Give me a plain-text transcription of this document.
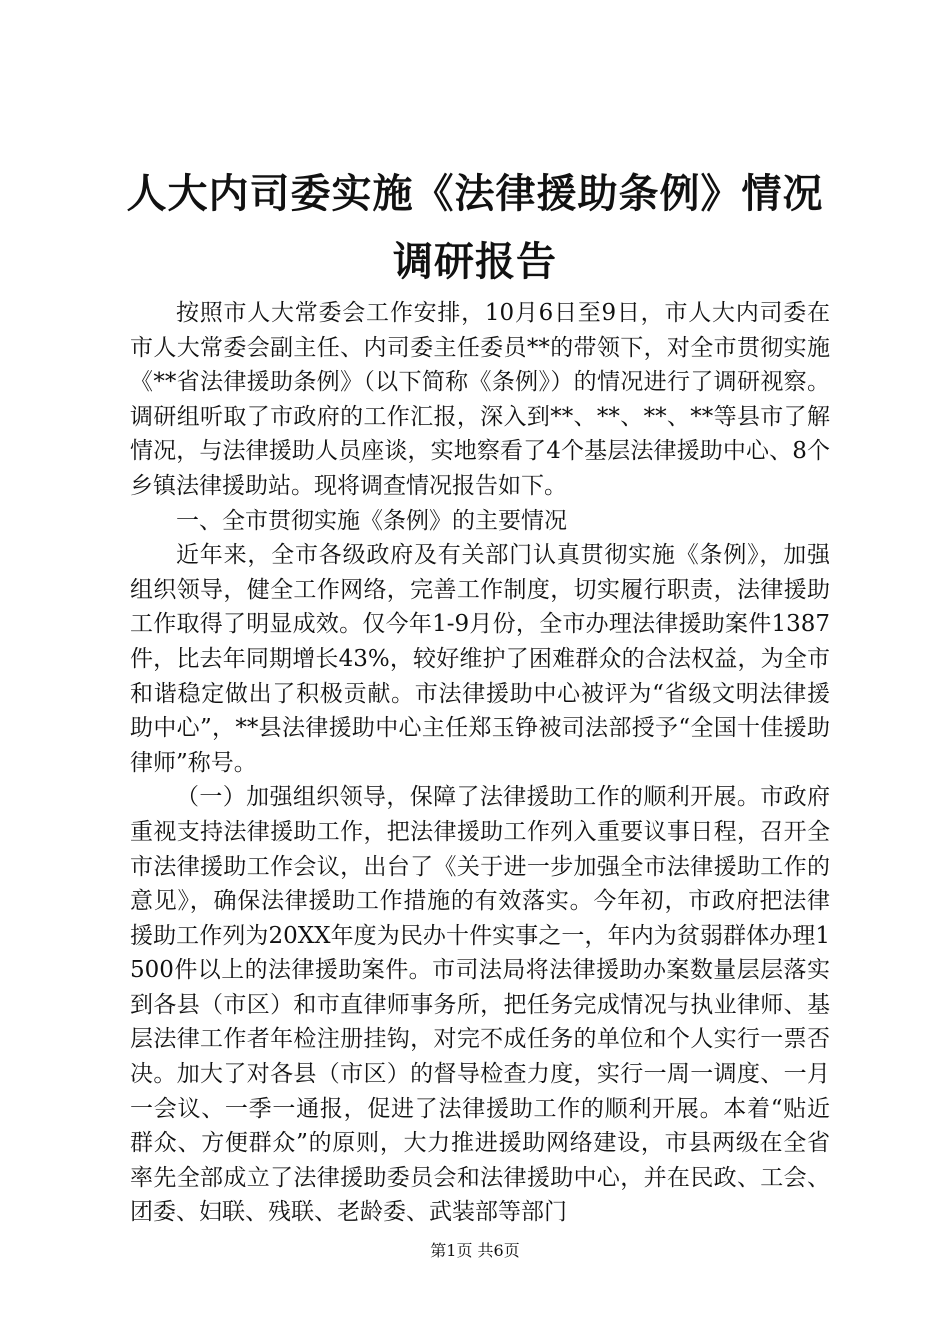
人大内司委实施《法律援助条例》情况调研报告

按照市人大常委会工作安排，10月6日至9日，市人大内司委在市人大常委会副主任、内司委主任委员**的带领下，对全市贯彻实施《**省法律援助条例》（以下简称《条例》）的情况进行了调研视察。调研组听取了市政府的工作汇报，深入到**、**、**、**等县市了解情况，与法律援助人员座谈，实地察看了4个基层法律援助中心、8个乡镇法律援助站。现将调查情况报告如下。

一、全市贯彻实施《条例》的主要情况

近年来，全市各级政府及有关部门认真贯彻实施《条例》，加强组织领导，健全工作网络，完善工作制度，切实履行职责，法律援助工作取得了明显成效。仅今年1-9月份，全市办理法律援助案件1387件，比去年同期增长43%，较好维护了困难群众的合法权益，为全市和谐稳定做出了积极贡献。市法律援助中心被评为“省级文明法律援助中心”，**县法律援助中心主任郑玉铮被司法部授予“全国十佳援助律师”称号。

（一）加强组织领导，保障了法律援助工作的顺利开展。市政府重视支持法律援助工作，把法律援助工作列入重要议事日程，召开全市法律援助工作会议，出台了《关于进一步加强全市法律援助工作的意见》，确保法律援助工作措施的有效落实。今年初，市政府把法律援助工作列为20XX年度为民办十件实事之一，年内为贫弱群体办理1500件以上的法律援助案件。市司法局将法律援助办案数量层层落实到各县（市区）和市直律师事务所，把任务完成情况与执业律师、基层法律工作者年检注册挂钩，对完不成任务的单位和个人实行一票否决。加大了对各县（市区）的督导检查力度，实行一周一调度、一月一会议、一季一通报，促进了法律援助工作的顺利开展。本着“贴近群众、方便群众”的原则，大力推进援助网络建设，市县两级在全省率先全部成立了法律援助委员会和法律援助中心，并在民政、工会、团委、妇联、残联、老龄委、武装部等部门

第1页 共6页
